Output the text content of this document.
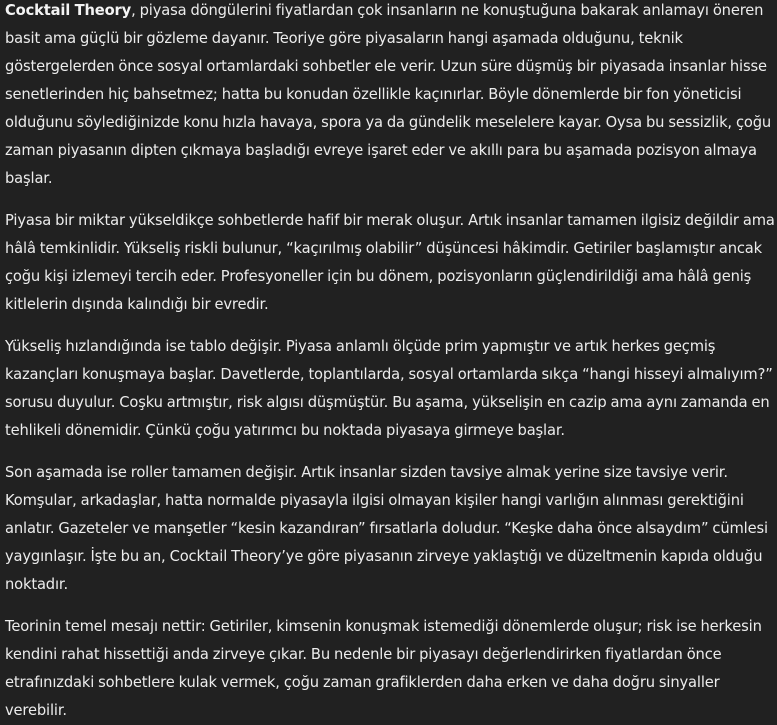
Cocktail Theory, piyasa döngülerini fiyatlardan çok insanların ne konuştuğuna bakarak anlamayı öneren basit ama güçlü bir gözleme dayanır. Teoriye göre piyasaların hangi aşamada olduğunu, teknik göstergelerden önce sosyal ortamlardaki sohbetler ele verir. Uzun süre düşmüş bir piyasada insanlar hisse senetlerinden hiç bahsetmez; hatta bu konudan özellikle kaçınırlar. Böyle dönemlerde bir fon yöneticisi olduğunu söylediğinizde konu hızla havaya, spora ya da gündelik meselelere kayar. Oysa bu sessizlik, çoğu zaman piyasanın dipten çıkmaya başladığı evreye işaret eder ve akıllı para bu aşamada pozisyon almaya başlar.

Piyasa bir miktar yükseldikçe sohbetlerde hafif bir merak oluşur. Artık insanlar tamamen ilgisiz değildir ama hâlâ temkinlidir. Yükseliş riskli bulunur, “kaçırılmış olabilir” düşüncesi hâkimdir. Getiriler başlamıştır ancak çoğu kişi izlemeyi tercih eder. Profesyoneller için bu dönem, pozisyonların güçlendirildiği ama hâlâ geniş kitlelerin dışında kalındığı bir evredir.

Yükseliş hızlandığında ise tablo değişir. Piyasa anlamlı ölçüde prim yapmıştır ve artık herkes geçmiş kazançları konuşmaya başlar. Davetlerde, toplantılarda, sosyal ortamlarda sıkça “hangi hisseyi almalıyım?” sorusu duyulur. Coşku artmıştır, risk algısı düşmüştür. Bu aşama, yükselişin en cazip ama aynı zamanda en tehlikeli dönemidir. Çünkü çoğu yatırımcı bu noktada piyasaya girmeye başlar.

Son aşamada ise roller tamamen değişir. Artık insanlar sizden tavsiye almak yerine size tavsiye verir. Komşular, arkadaşlar, hatta normalde piyasayla ilgisi olmayan kişiler hangi varlığın alınması gerektiğini anlatır. Gazeteler ve manşetler “kesin kazandıran” fırsatlarla doludur. “Keşke daha önce alsaydım” cümlesi yaygınlaşır. İşte bu an, Cocktail Theory’ye göre piyasanın zirveye yaklaştığı ve düzeltmenin kapıda olduğu noktadır.

Teorinin temel mesajı nettir: Getiriler, kimsenin konuşmak istemediği dönemlerde oluşur; risk ise herkesin kendini rahat hissettiği anda zirveye çıkar. Bu nedenle bir piyasayı değerlendirirken fiyatlardan önce etrafınızdaki sohbetlere kulak vermek, çoğu zaman grafiklerden daha erken ve daha doğru sinyaller verebilir.
